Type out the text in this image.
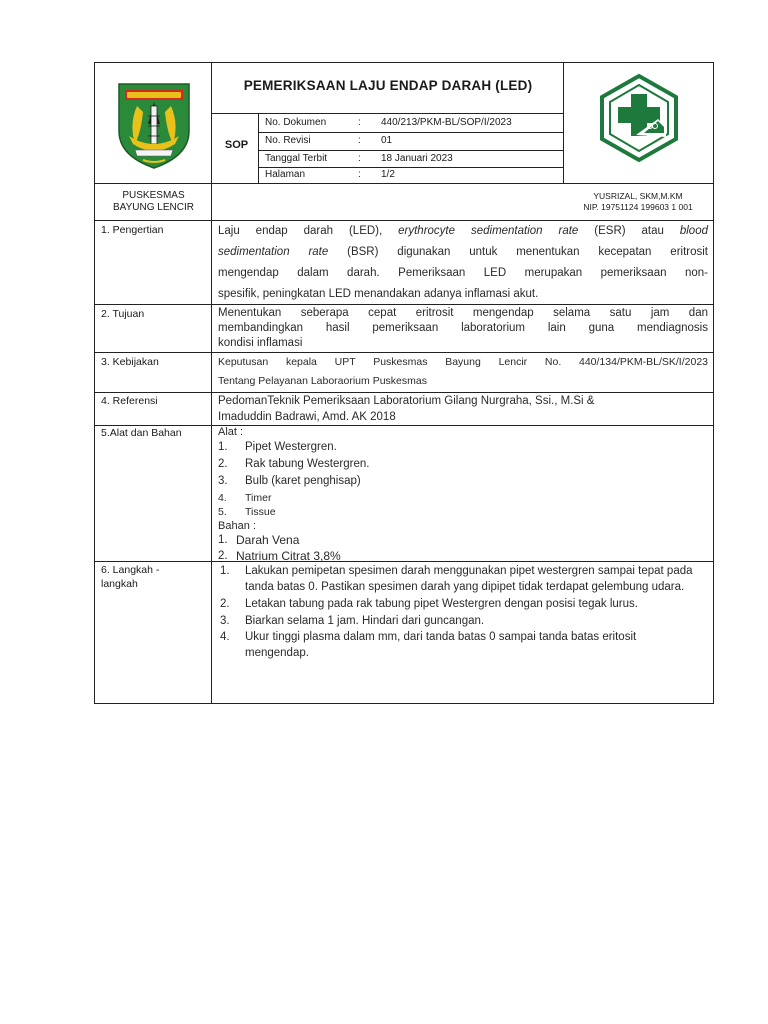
PEMERIKSAAN LAJU ENDAP DARAH (LED)
SOP
No. Dokumen	: 440/213/PKM-BL/SOP/I/2023
No. Revisi	: 01
Tanggal Terbit	: 18 Januari 2023
Halaman	: 1/2
PUSKESMAS
BAYUNG LENCIR
YUSRIZAL, SKM,M.KM
NIP. 19751124 199603 1 001
1. Pengertian	Laju endap darah (LED), erythrocyte sedimentation rate (ESR) atau blood
sedimentation rate (BSR) digunakan untuk menentukan kecepatan eritrosit
mengendap dalam darah. Pemeriksaan LED merupakan pemeriksaan non-
spesifik, peningkatan LED menandakan adanya inflamasi akut.
2. Tujuan	Menentukan seberapa cepat eritrosit mengendap selama satu jam dan
membandingkan hasil pemeriksaan laboratorium lain guna mendiagnosis
kondisi inflamasi
3. Kebijakan	Keputusan kepala UPT Puskesmas Bayung Lencir No. 440/134/PKM-BL/SK/I/2023
Tentang Pelayanan Laboraorium Puskesmas
4. Referensi	PedomanTeknik Pemeriksaan Laboratorium Gilang Nurgraha, Ssi., M.Si &
Imaduddin Badrawi, Amd. AK 2018
5.Alat dan Bahan	Alat :
1. Pipet Westergren.
2. Rak tabung Westergren.
3. Bulb (karet penghisap)
4. Timer
5. Tissue
Bahan :
1. Darah Vena
2. Natrium Citrat 3,8%
6. Langkah -
langkah
1. Lakukan pemipetan spesimen darah menggunakan pipet westergren sampai tepat pada tanda batas 0. Pastikan spesimen darah yang dipipet tidak terdapat gelembung udara.
2. Letakan tabung pada rak tabung pipet Westergren dengan posisi tegak lurus.
3. Biarkan selama 1 jam. Hindari dari guncangan.
4. Ukur tinggi plasma dalam mm, dari tanda batas 0 sampai tanda batas eritosit mengendap.
